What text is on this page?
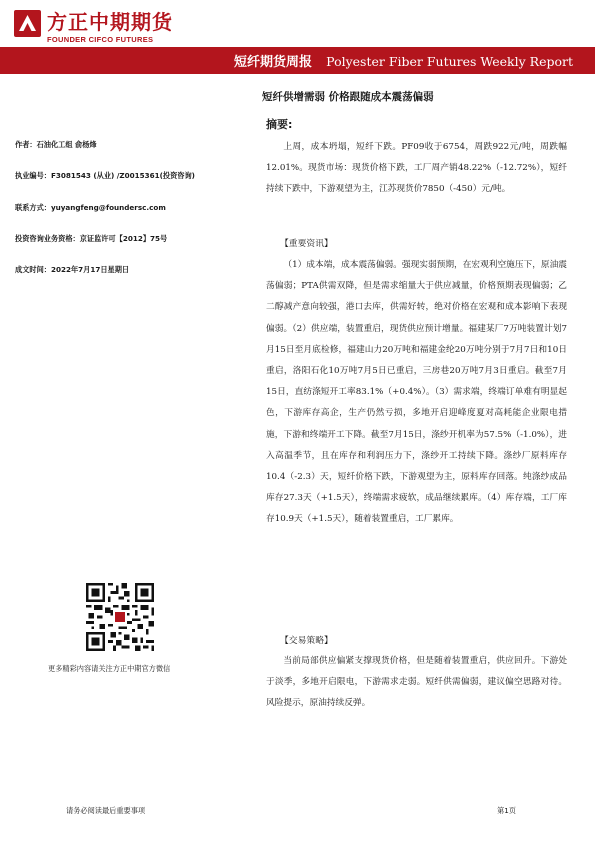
方正中期期货
FOUNDER CIFCO FUTURES
短纤期货周报 Polyester Fiber Futures Weekly Report
短纤供增需弱 价格跟随成本震荡偏弱
作者：石油化工组 俞杨烽
执业编号：F3081543 (从业) /Z0015361(投资咨询)
联系方式：yuyangfeng@foundersc.com
投资咨询业务资格：京证监许可【2012】75号
成文时间：2022年7月17日星期日
更多精彩内容请关注方正中期官方微信
摘要:

上周，成本坍塌，短纤下跌。PF09收于6754，周跌922元/吨，周跌幅12.01%。现货市场：现货价格下跌，工厂周产销48.22%（-12.72%），短纤持续下跌中，下游观望为主，江苏现货价7850（-450）元/吨。

【重要资讯】

（1）成本端，成本震荡偏弱。强现实弱预期，在宏观利空施压下，原油震荡偏弱；PTA供需双降，但是需求缩量大于供应减量，价格预期表现偏弱；乙二醇减产意向较强，港口去库，供需好转，绝对价格在宏观和成本影响下表现偏弱。（2）供应端，装置重启，现货供应预计增量。福建某厂7万吨装置计划7月15日至月底检修，福建山力20万吨和福建金纶20万吨分别于7月7日和10日重启，洛阳石化10万吨7月5日已重启，三房巷20万吨7月3日重启。截至7月15日，直纺涤短开工率83.1%（+0.4%）。（3）需求端，终端订单难有明显起色，下游库存高企，生产仍然亏损，多地开启迎峰度夏对高耗能企业限电措施，下游和终端开工下降。截至7月15日，涤纱开机率为57.5%（-1.0%），进入高温季节，且在库存和利润压力下，涤纱开工持续下降。涤纱厂原料库存10.4（-2.3）天，短纤价格下跌，下游观望为主，原料库存回落。纯涤纱成品库存27.3天（+1.5天），终端需求疲软，成品继续累库。（4）库存端，工厂库存10.9天（+1.5天），随着装置重启，工厂累库。

【交易策略】

当前局部供应偏紧支撑现货价格，但是随着装置重启，供应回升。下游处于淡季，多地开启限电，下游需求走弱。短纤供需偏弱，建议偏空思路对待。风险提示，原油持续反弹。

请务必阅读最后重要事项	第1页
